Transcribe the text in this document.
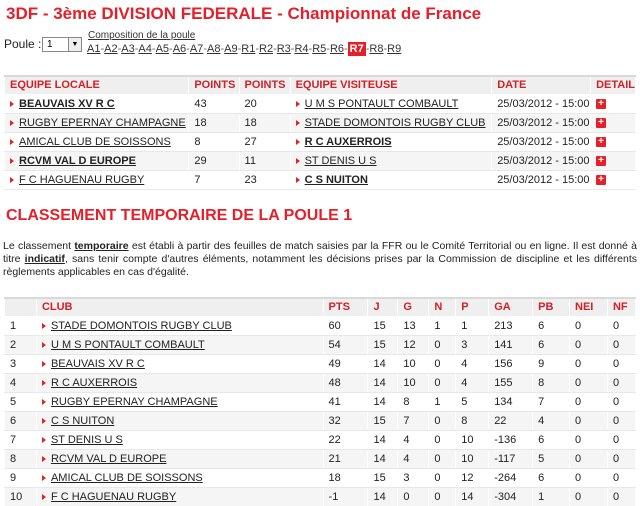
3DF - 3ème DIVISION FEDERALE - Championnat de France
Poule : 1	▼
Composition de la poule
A1-A2-A3-A4-A5-A6-A7-A8-A9-R1-R2-R3-R4-R5-R6- R7 -R8-R9
EQUIPE LOCALE	POINTS	POINTS	EQUIPE VISITEUSE	DATE	DETAIL
BEAUVAIS XV R C	43	20	U M S PONTAULT COMBAULT	25/03/2012 - 15:00	+
RUGBY EPERNAY CHAMPAGNE	18	18	STADE DOMONTOIS RUGBY CLUB	25/03/2012 - 15:00	+
AMICAL CLUB DE SOISSONS	8	27	R C AUXERROIS	25/03/2012 - 15:00	+
RCVM VAL D EUROPE	29	11	ST DENIS U S	25/03/2012 - 15:00	+
F C HAGUENAU RUGBY	7	23	C S NUITON	25/03/2012 - 15:00	+
CLASSEMENT TEMPORAIRE DE LA POULE 1
Le classement temporaire est établi à partir des feuilles de match saisies par la FFR ou le Comité Territorial ou en ligne. Il est donné à titre indicatif, sans tenir compte d'autres éléments, notamment les décisions prises par la Commission de discipline et les différents règlements applicables en cas d'égalité.
	CLUB	PTS	J	G	N	P	GA	PB	NEI	NF
1	STADE DOMONTOIS RUGBY CLUB	60	15	13	1	1	213	6	0	0
2	U M S PONTAULT COMBAULT	54	15	12	0	3	141	6	0	0
3	BEAUVAIS XV R C	49	14	10	0	4	156	9	0	0
4	R C AUXERROIS	48	14	10	0	4	155	8	0	0
5	RUGBY EPERNAY CHAMPAGNE	41	14	8	1	5	134	7	0	0
6	C S NUITON	32	15	7	0	8	22	4	0	0
7	ST DENIS U S	22	14	4	0	10	-136	6	0	0
8	RCVM VAL D EUROPE	21	14	4	0	10	-117	5	0	0
9	AMICAL CLUB DE SOISSONS	18	15	3	0	12	-264	6	0	0
10	F C HAGUENAU RUGBY	-1	14	0	0	14	-304	1	0	0
